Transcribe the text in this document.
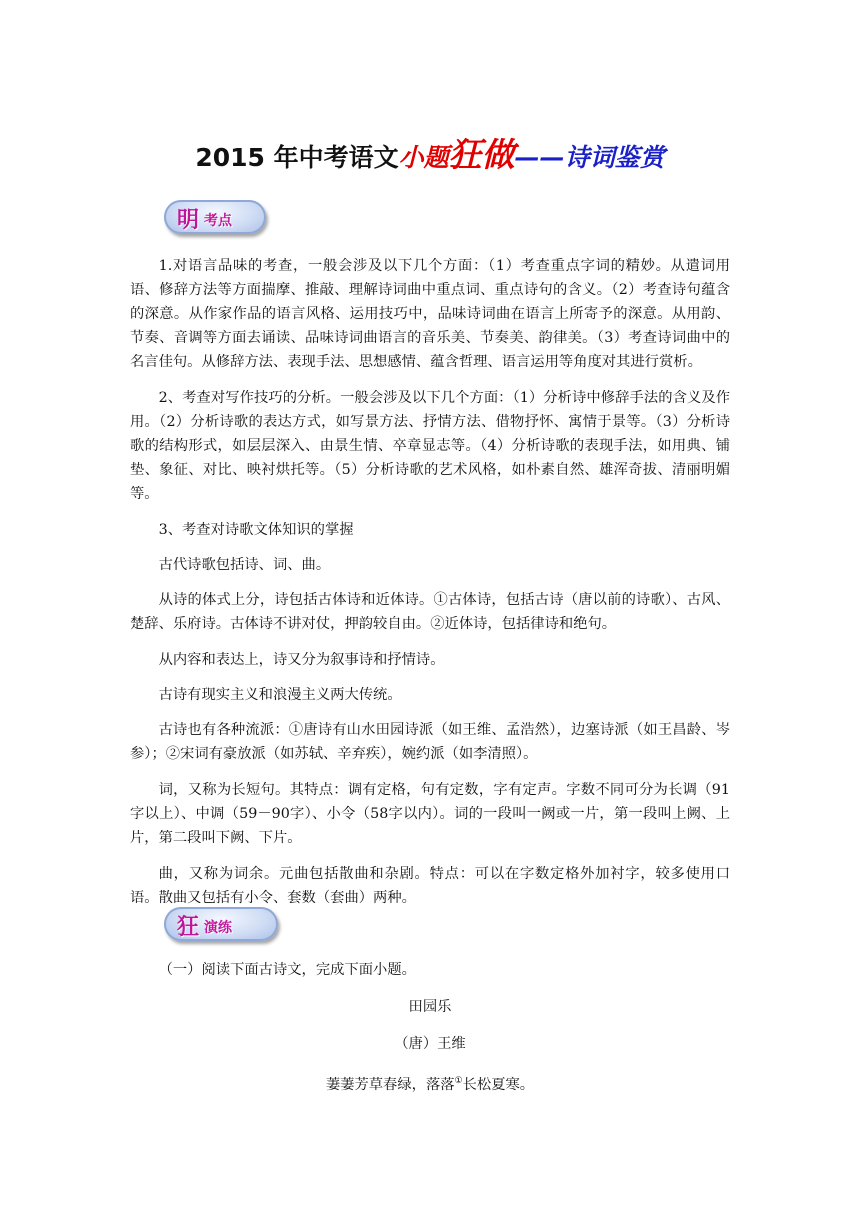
2015 年中考语文小题狂做——诗词鉴赏
明 考点

1.对语言品味的考查，一般会涉及以下几个方面：（1）考查重点字词的精妙。从遣词用语、修辞方法等方面揣摩、推敲、理解诗词曲中重点词、重点诗句的含义。（2）考查诗句蕴含的深意。从作家作品的语言风格、运用技巧中，品味诗词曲在语言上所寄予的深意。从用韵、节奏、音调等方面去诵读、品味诗词曲语言的音乐美、节奏美、韵律美。（3）考查诗词曲中的名言佳句。从修辞方法、表现手法、思想感情、蕴含哲理、语言运用等角度对其进行赏析。

2、考查对写作技巧的分析。一般会涉及以下几个方面：（1）分析诗中修辞手法的含义及作用。（2）分析诗歌的表达方式，如写景方法、抒情方法、借物抒怀、寓情于景等。（3）分析诗歌的结构形式，如层层深入、由景生情、卒章显志等。（4）分析诗歌的表现手法，如用典、铺垫、象征、对比、映衬烘托等。（5）分析诗歌的艺术风格，如朴素自然、雄浑奇拔、清丽明媚等。

3、考查对诗歌文体知识的掌握

古代诗歌包括诗、词、曲。

从诗的体式上分，诗包括古体诗和近体诗。①古体诗，包括古诗（唐以前的诗歌）、古风、楚辞、乐府诗。古体诗不讲对仗，押韵较自由。②近体诗，包括律诗和绝句。

从内容和表达上，诗又分为叙事诗和抒情诗。

古诗有现实主义和浪漫主义两大传统。

古诗也有各种流派：①唐诗有山水田园诗派（如王维、孟浩然），边塞诗派（如王昌龄、岑参）；②宋词有豪放派（如苏轼、辛弃疾），婉约派（如李清照）。

词，又称为长短句。其特点：调有定格，句有定数，字有定声。字数不同可分为长调（91字以上）、中调（59－90字）、小令（58字以内）。词的一段叫一阙或一片，第一段叫上阙、上片，第二段叫下阙、下片。

曲，又称为词余。元曲包括散曲和杂剧。特点：可以在字数定格外加衬字，较多使用口语。散曲又包括有小令、套数（套曲）两种。

狂 演练

（一）阅读下面古诗文，完成下面小题。

田园乐

（唐）王维

萋萋芳草春绿，落落①长松夏寒。
